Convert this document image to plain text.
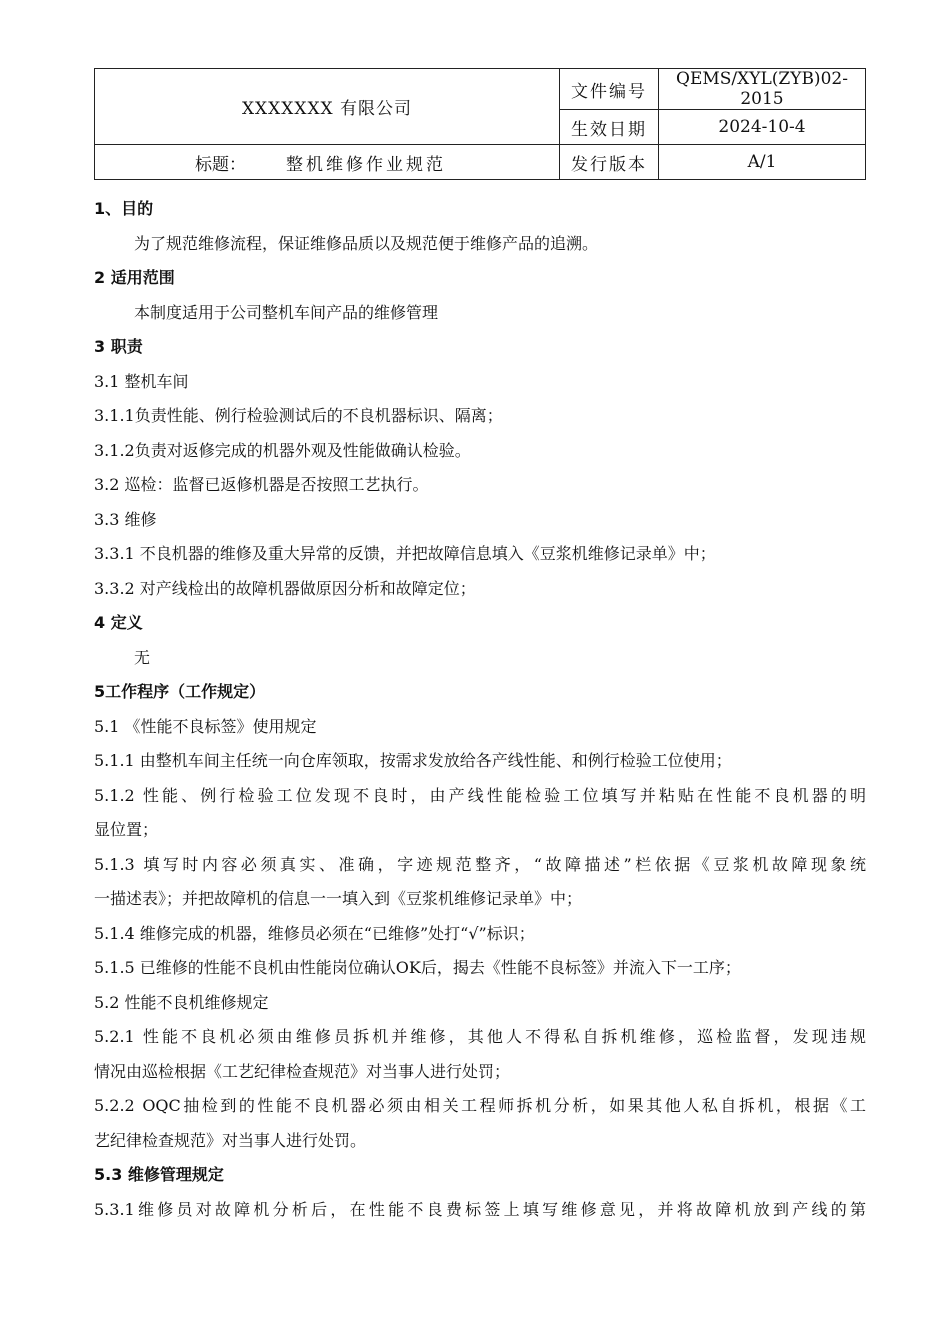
XXXXXXX 有限公司	文件编号	QEMS/XYL(ZYB)02-2015
	生效日期	2024-10-4
标题： 整机维修作业规范	发行版本	A/1
1、目的
为了规范维修流程，保证维修品质以及规范便于维修产品的追溯。
2 适用范围
本制度适用于公司整机车间产品的维修管理
3 职责
3.1 整机车间
3.1.1负责性能、例行检验测试后的不良机器标识、隔离；
3.1.2负责对返修完成的机器外观及性能做确认检验。
3.2 巡检：监督已返修机器是否按照工艺执行。
3.3 维修
3.3.1 不良机器的维修及重大异常的反馈，并把故障信息填入《豆浆机维修记录单》中；
3.3.2 对产线检出的故障机器做原因分析和故障定位；
4 定义
无
5工作程序（工作规定）
5.1 《性能不良标签》使用规定
5.1.1 由整机车间主任统一向仓库领取，按需求发放给各产线性能、和例行检验工位使用；
5.1.2 性能、例行检验工位发现不良时，由产线性能检验工位填写并粘贴在性能不良机器的明
显位置；
5.1.3 填写时内容必须真实、准确，字迹规范整齐，“故障描述”栏依据《豆浆机故障现象统
一描述表》；并把故障机的信息一一填入到《豆浆机维修记录单》中；
5.1.4 维修完成的机器，维修员必须在“已维修”处打“√”标识；
5.1.5 已维修的性能不良机由性能岗位确认OK后，揭去《性能不良标签》并流入下一工序；
5.2 性能不良机维修规定
5.2.1 性能不良机必须由维修员拆机并维修，其他人不得私自拆机维修，巡检监督，发现违规
情况由巡检根据《工艺纪律检查规范》对当事人进行处罚；
5.2.2 OQC抽检到的性能不良机器必须由相关工程师拆机分析，如果其他人私自拆机，根据《工
艺纪律检查规范》对当事人进行处罚。
5.3 维修管理规定
5.3.1维修员对故障机分析后，在性能不良费标签上填写维修意见，并将故障机放到产线的第
